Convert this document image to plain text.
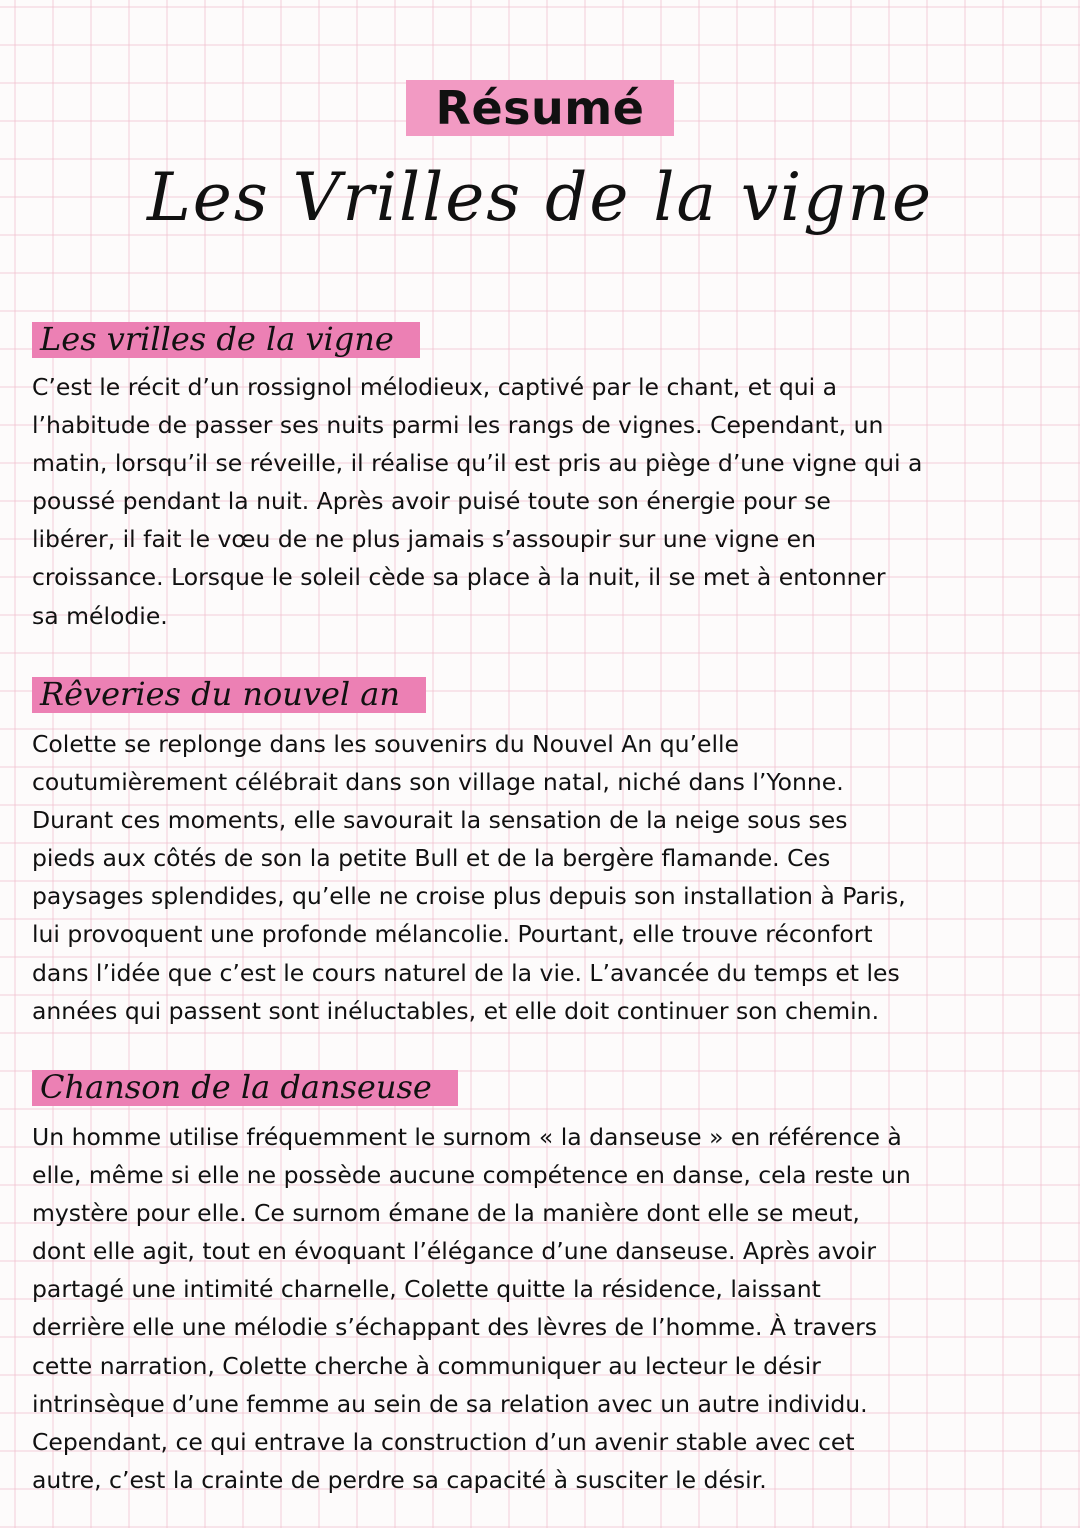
Résumé
Les Vrilles de la vigne
Les vrilles de la vigne
C’est le récit d’un rossignol mélodieux, captivé par le chant, et qui a
l’habitude de passer ses nuits parmi les rangs de vignes. Cependant, un
matin, lorsqu’il se réveille, il réalise qu’il est pris au piège d’une vigne qui a
poussé pendant la nuit. Après avoir puisé toute son énergie pour se
libérer, il fait le vœu de ne plus jamais s’assoupir sur une vigne en
croissance. Lorsque le soleil cède sa place à la nuit, il se met à entonner
sa mélodie.
Rêveries du nouvel an
Colette se replonge dans les souvenirs du Nouvel An qu’elle
coutumièrement célébrait dans son village natal, niché dans l’Yonne.
Durant ces moments, elle savourait la sensation de la neige sous ses
pieds aux côtés de son la petite Bull et de la bergère flamande. Ces
paysages splendides, qu’elle ne croise plus depuis son installation à Paris,
lui provoquent une profonde mélancolie. Pourtant, elle trouve réconfort
dans l’idée que c’est le cours naturel de la vie. L’avancée du temps et les
années qui passent sont inéluctables, et elle doit continuer son chemin.
Chanson de la danseuse
Un homme utilise fréquemment le surnom « la danseuse » en référence à
elle, même si elle ne possède aucune compétence en danse, cela reste un
mystère pour elle. Ce surnom émane de la manière dont elle se meut,
dont elle agit, tout en évoquant l’élégance d’une danseuse. Après avoir
partagé une intimité charnelle, Colette quitte la résidence, laissant
derrière elle une mélodie s’échappant des lèvres de l’homme. À travers
cette narration, Colette cherche à communiquer au lecteur le désir
intrinsèque d’une femme au sein de sa relation avec un autre individu.
Cependant, ce qui entrave la construction d’un avenir stable avec cet
autre, c’est la crainte de perdre sa capacité à susciter le désir.
